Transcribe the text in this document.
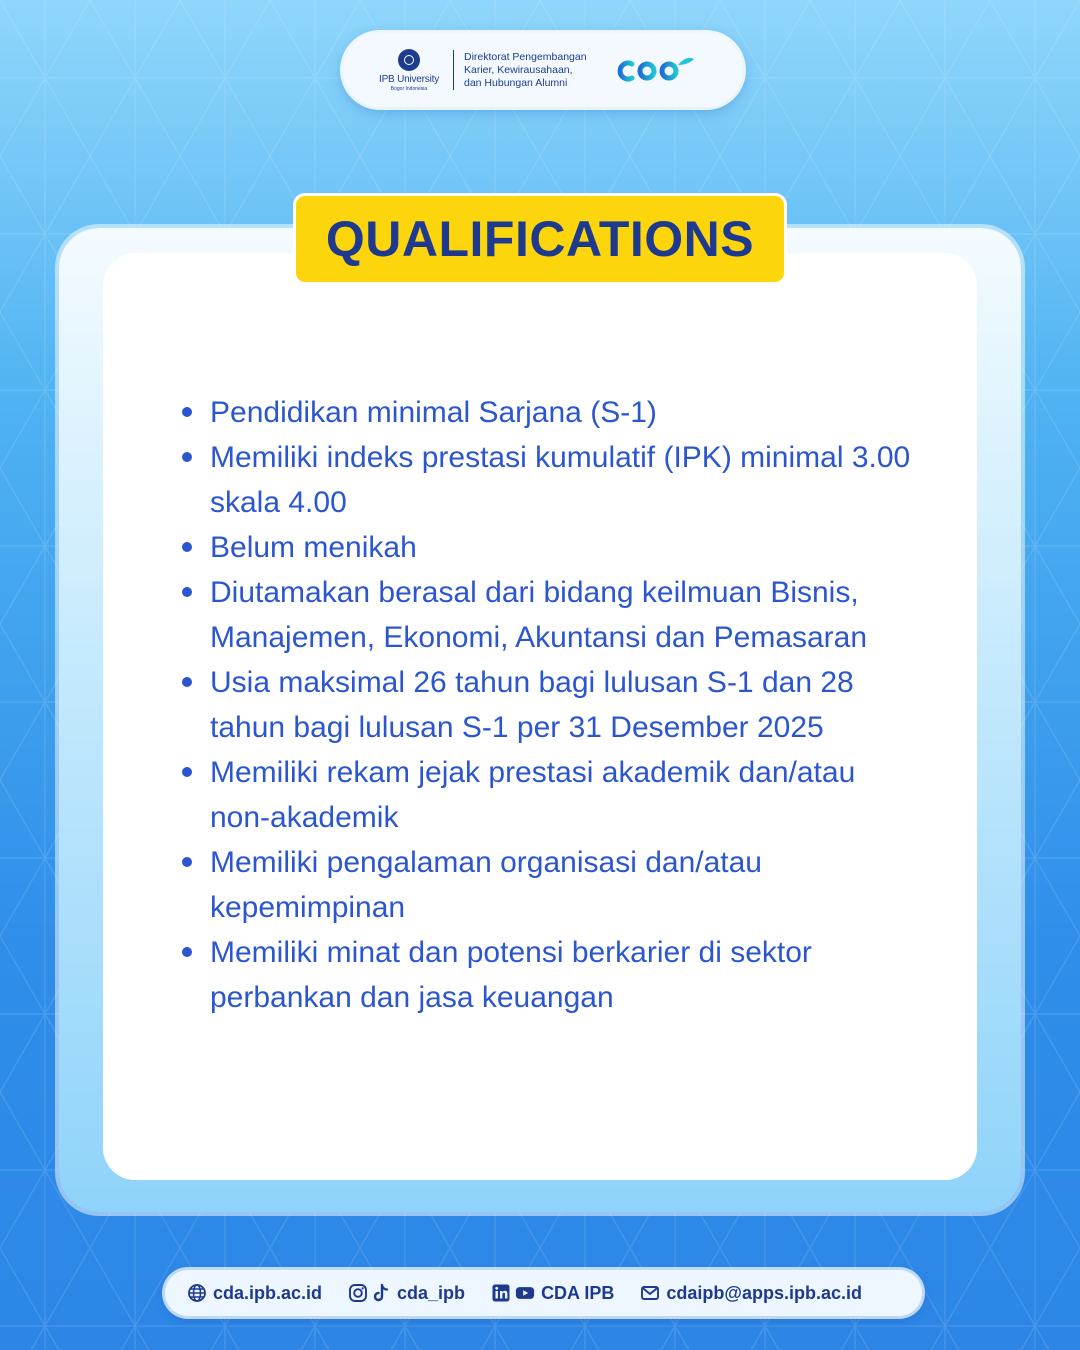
IPB University
Bogor Indonesia
Direktorat Pengembangan
Karier, Kewirausahaan,
dan Hubungan Alumni
QUALIFICATIONS
Pendidikan minimal Sarjana (S-1)
Memiliki indeks prestasi kumulatif (IPK) minimal 3.00 skala 4.00
Belum menikah
Diutamakan berasal dari bidang keilmuan Bisnis, Manajemen, Ekonomi, Akuntansi dan Pemasaran
Usia maksimal 26 tahun bagi lulusan S-1 dan 28 tahun bagi lulusan S-1 per 31 Desember 2025
Memiliki rekam jejak prestasi akademik dan/atau non-akademik
Memiliki pengalaman organisasi dan/atau kepemimpinan
Memiliki minat dan potensi berkarier di sektor perbankan dan jasa keuangan
cda.ipb.ac.id	cda_ipb	CDA IPB	cdaipb@apps.ipb.ac.id
